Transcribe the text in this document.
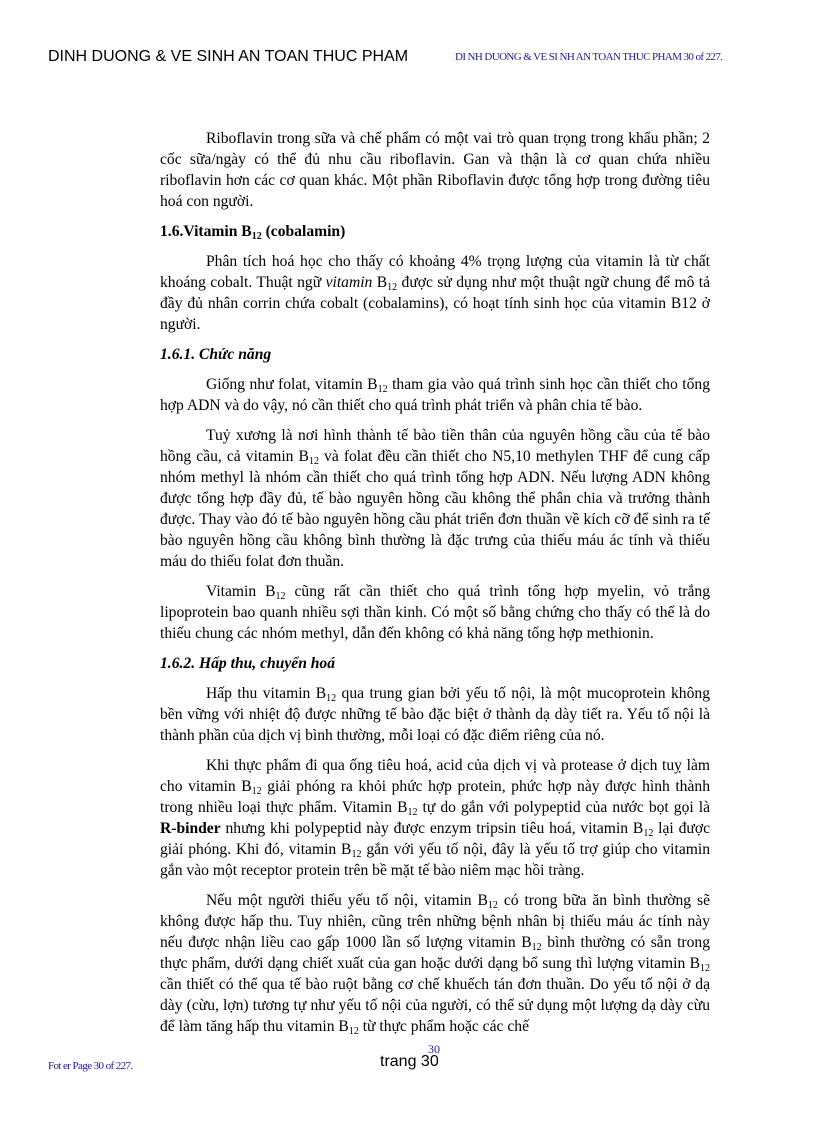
DINH DUONG & VE SINH AN TOAN THUC PHAM	DI NH DUONG & VE SI NH AN TOAN THUC PHAM 30 of 227.

Riboflavin trong sữa và chế phẩm có một vai trò quan trọng trong khẩu phần; 2 cốc sữa/ngày có thể đủ nhu cầu riboflavin. Gan và thận là cơ quan chứa nhiều riboflavin hơn các cơ quan khác. Một phần Riboflavin được tổng hợp trong đường tiêu hoá con người.

1.6.Vitamin $B_{12}$ (cobalamin)

Phân tích hoá học cho thấy có khoảng 4% trọng lượng của vitamin là từ chất khoáng cobalt. Thuật ngữ vitamin $B_{12}$ được sử dụng như một thuật ngữ chung để mô tả đầy đủ nhân corrin chứa cobalt (cobalamins), có hoạt tính sinh học của vitamin B12 ở người.

1.6.1. Chức năng

Giống như folat, vitamin $B_{12}$ tham gia vào quá trình sinh học cần thiết cho tổng hợp ADN và do vậy, nó cần thiết cho quá trình phát triển và phân chia tế bào.

Tuỷ xương là nơi hình thành tế bào tiền thân của nguyên hồng cầu của tế bào hồng cầu, cả vitamin $B_{12}$ và folat đều cần thiết cho N5,10 methylen THF để cung cấp nhóm methyl là nhóm cần thiết cho quá trình tổng hợp ADN. Nếu lượng ADN không được tổng hợp đầy đủ, tế bào nguyên hồng cầu không thể phân chia và trưởng thành được. Thay vào đó tế bào nguyên hồng cầu phát triển đơn thuần về kích cỡ để sinh ra tế bào nguyên hồng cầu không bình thường là đặc trưng của thiếu máu ác tính và thiếu máu do thiếu folat đơn thuần.

Vitamin $B_{12}$ cũng rất cần thiết cho quá trình tổng hợp myelin, vỏ trắng lipoprotein bao quanh nhiều sợi thần kinh. Có một số bằng chứng cho thấy có thể là do thiếu chung các nhóm methyl, dẫn đến không có khả năng tổng hợp methionin.

1.6.2. Hấp thu, chuyển hoá

Hấp thu vitamin $B_{12}$ qua trung gian bởi yếu tố nội, là một mucoprotein không bền vững với nhiệt độ được những tế bào đặc biệt ở thành dạ dày tiết ra. Yếu tố nội là thành phần của dịch vị bình thường, mỗi loại có đặc điểm riêng của nó.

Khi thực phẩm đi qua ống tiêu hoá, acid của dịch vị và protease ở dịch tuỵ làm cho vitamin $B_{12}$ giải phóng ra khỏi phức hợp protein, phức hợp này được hình thành trong nhiều loại thực phẩm. Vitamin $B_{12}$ tự do gắn với polypeptid của nước bọt gọi là R-binder nhưng khi polypeptid này được enzym tripsin tiêu hoá, vitamin $B_{12}$ lại được giải phóng. Khi đó, vitamin $B_{12}$ gắn với yếu tố nội, đây là yếu tố trợ giúp cho vitamin gắn vào một receptor protein trên bề mặt tế bào niêm mạc hồi tràng.

Nếu một người thiếu yếu tố nội, vitamin $B_{12}$ có trong bữa ăn bình thường sẽ không được hấp thu. Tuy nhiên, cũng trên những bệnh nhân bị thiếu máu ác tính này nếu được nhận liều cao gấp 1000 lần số lượng vitamin $B_{12}$ bình thường có sẵn trong thực phẩm, dưới dạng chiết xuất của gan hoặc dưới dạng bổ sung thì lượng vitamin $B_{12}$ cần thiết có thể qua tế bào ruột bằng cơ chế khuếch tán đơn thuần. Do yếu tố nội ở dạ dày (cừu, lợn) tương tự như yếu tố nội của người, có thể sử dụng một lượng dạ dày cừu để làm tăng hấp thu vitamin $B_{12}$ từ thực phẩm hoặc các chế

30
trang 30
Fot er Page 30 of 227.
